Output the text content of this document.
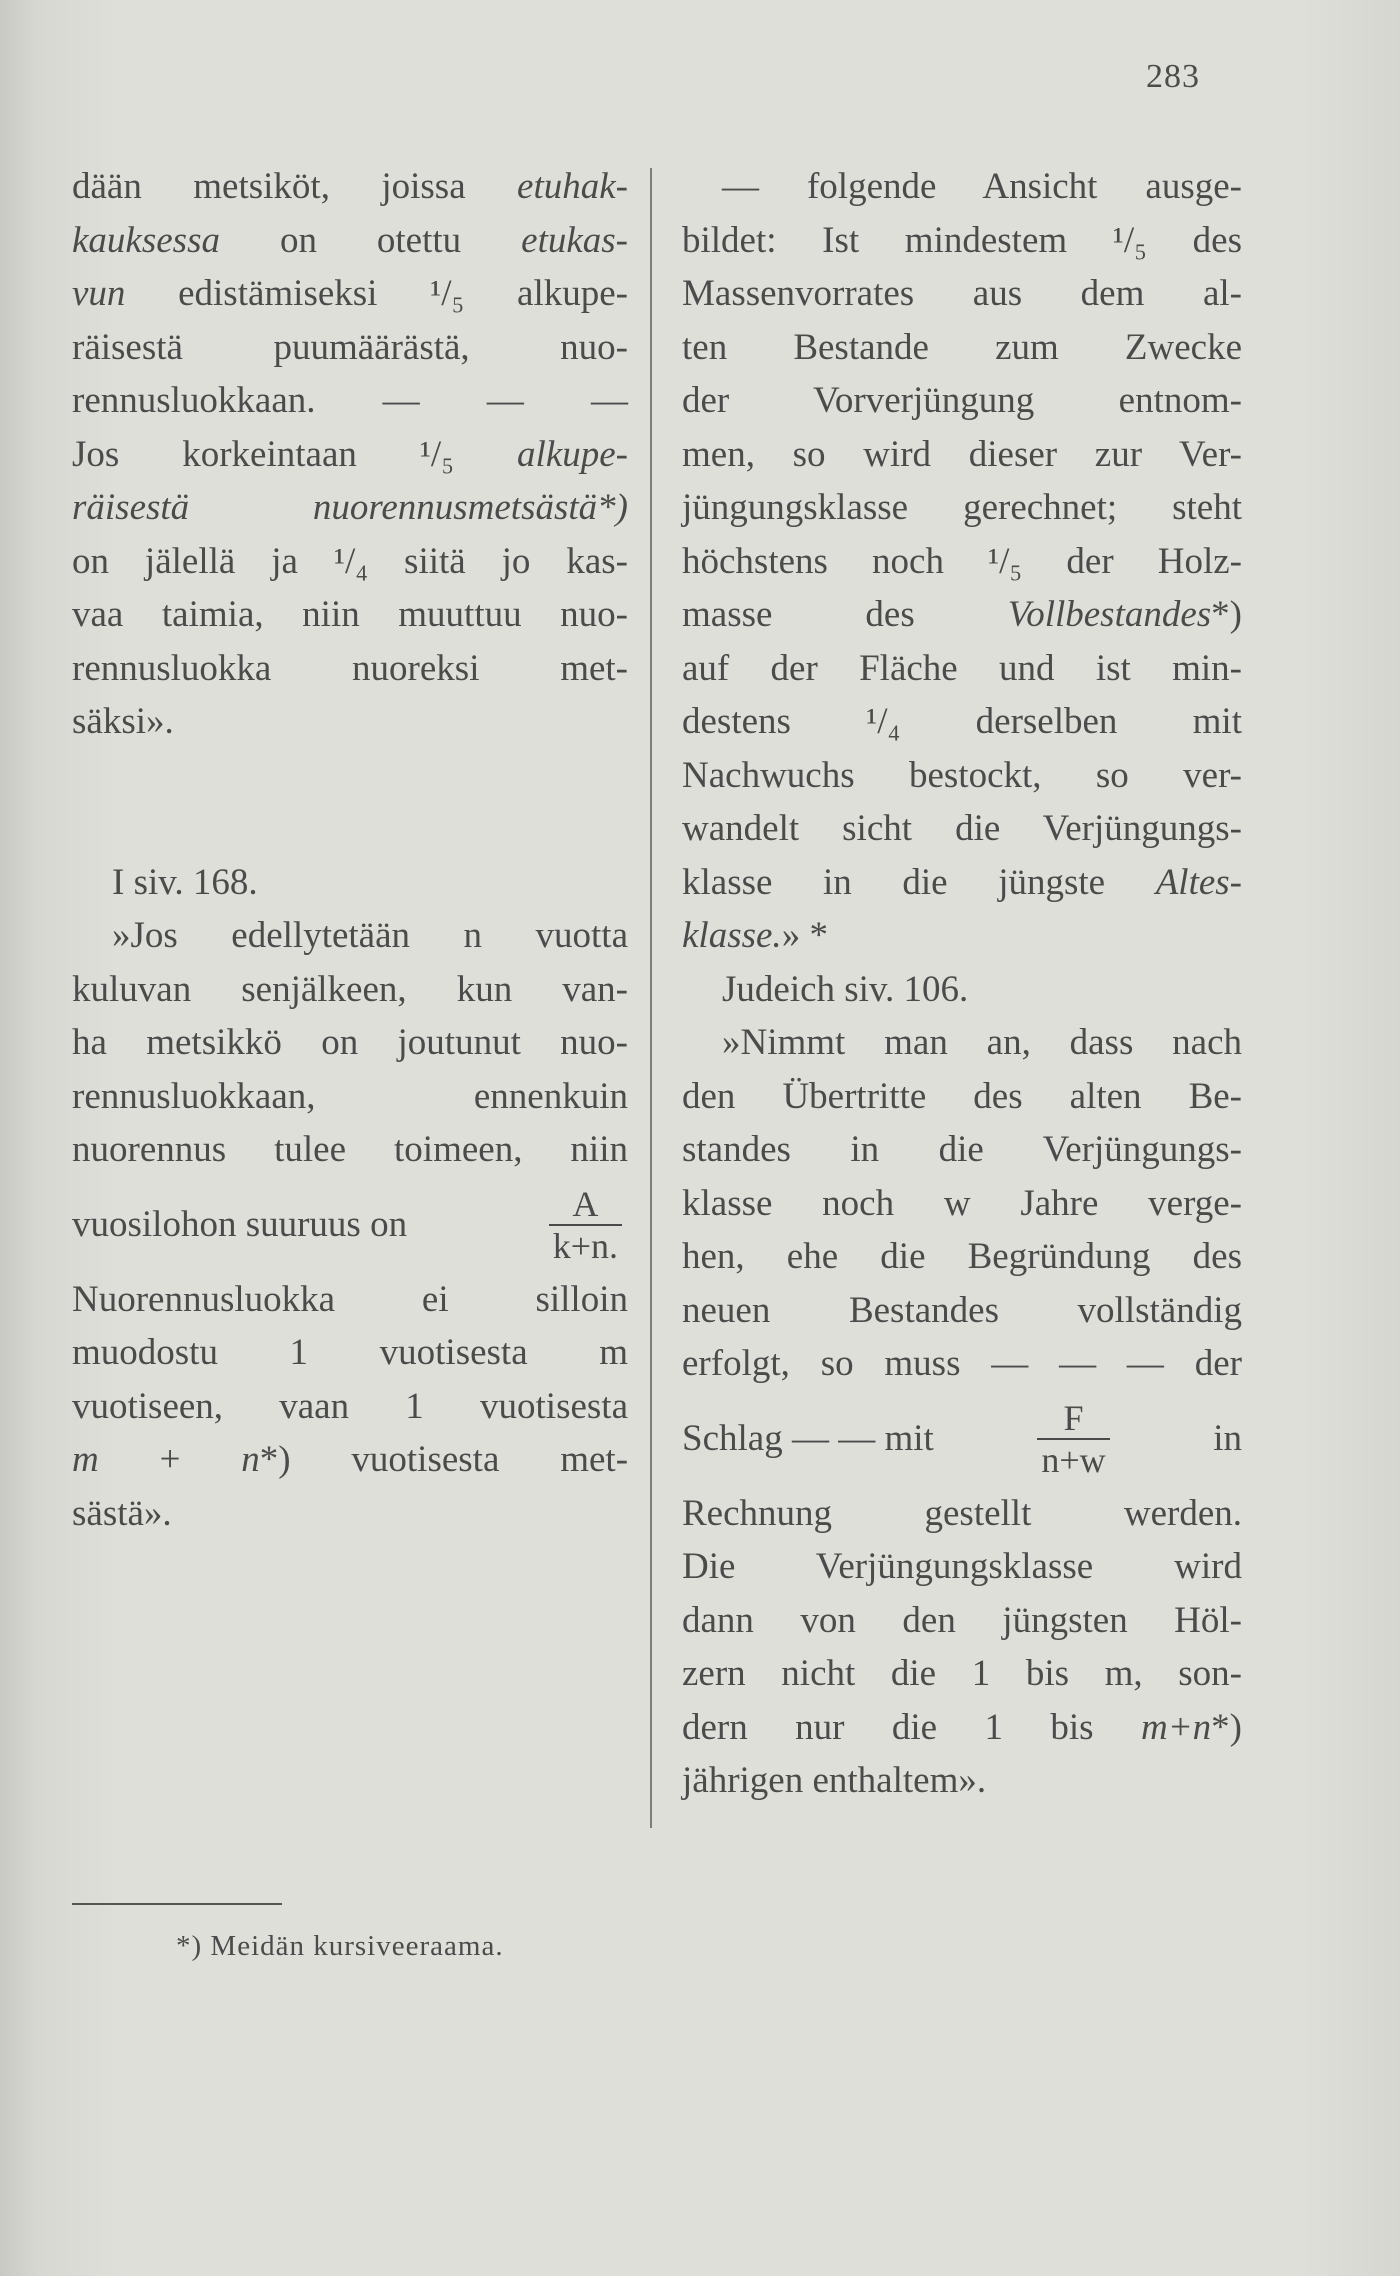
283
dään metsiköt, joissa etuhak-
kauksessa on otettu etukas-
vun edistämiseksi ¹/₅ alkupe-
räisestä puumäärästä, nuo-
rennusluokkaan. — — —
Jos korkeintaan ¹/₅ alkupe-
räisestä nuorennusmetsästä*)
on jälellä ja ¹/₄ siitä jo kas-
vaa taimia, niin muuttuu nuo-
rennusluokka nuoreksi met-
säksi».
I siv. 168.
»Jos edellytetään n vuotta
kuluvan senjälkeen, kun van-
ha metsikkö on joutunut nuo-
rennusluokkaan, ennenkuin
nuorennus tulee toimeen, niin
vuosilohon suuruus on	$\frac{A}{k+n.}$
Nuorennusluokka ei silloin
muodostu 1 vuotisesta m
vuotiseen, vaan 1 vuotisesta
m + n*) vuotisesta met-
sästä».
— folgende Ansicht ausge-
bildet: Ist mindestem ¹/₅ des
Massenvorrates aus dem al-
ten Bestande zum Zwecke
der Vorverjüngung entnom-
men, so wird dieser zur Ver-
jüngungsklasse gerechnet; steht
höchstens noch ¹/₅ der Holz-
masse des Vollbestandes*)
auf der Fläche und ist min-
destens ¹/₄ derselben mit
Nachwuchs bestockt, so ver-
wandelt sicht die Verjüngungs-
klasse in die jüngste Altes-
klasse.» *
Judeich siv. 106.
»Nimmt man an, dass nach
den Übertritte des alten Be-
standes in die Verjüngungs-
klasse noch w Jahre verge-
hen, ehe die Begründung des
neuen Bestandes vollständig
erfolgt, so muss — — — der
Schlag — — mit	$\frac{F}{n+w}$	in
Rechnung gestellt werden.
Die Verjüngungsklasse wird
dann von den jüngsten Höl-
zern nicht die 1 bis m, son-
dern nur die 1 bis m+n*)
jährigen enthaltem».
*) Meidän kursiveeraama.
